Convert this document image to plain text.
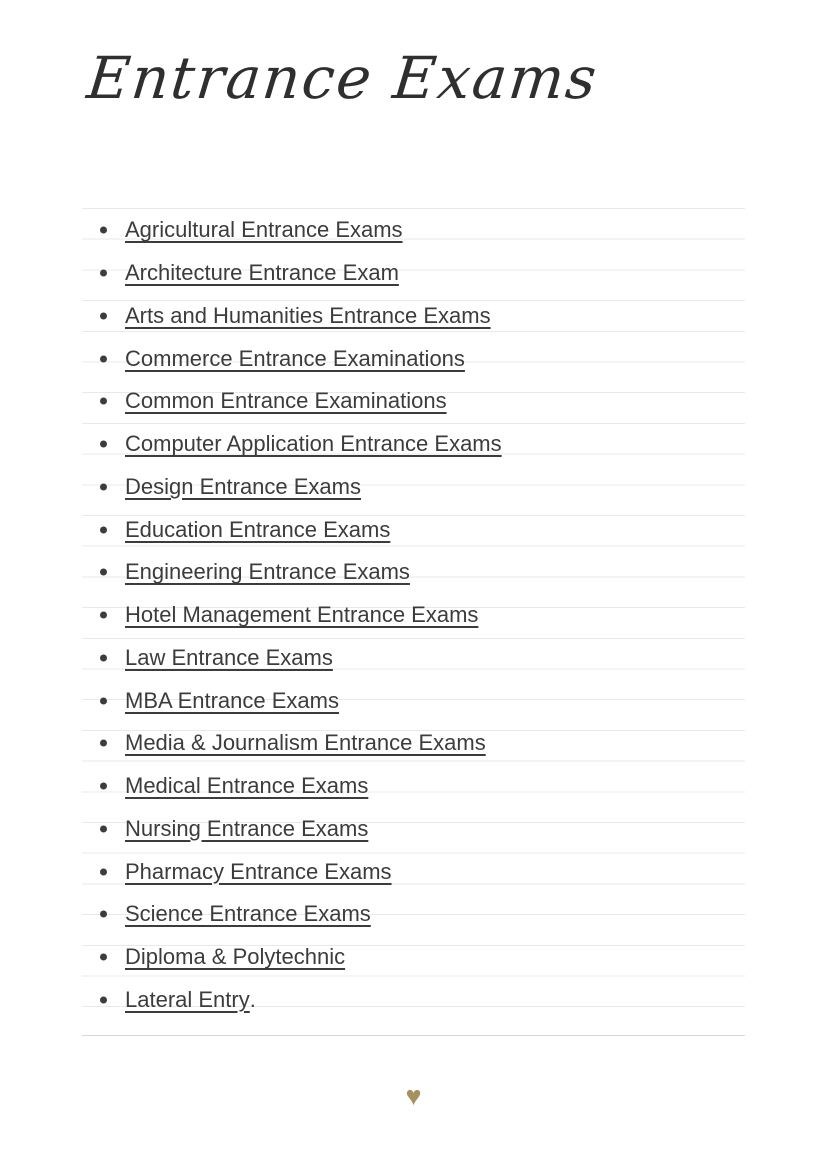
Entrance Exams
Agricultural Entrance Exams
Architecture Entrance Exam
Arts and Humanities Entrance Exams
Commerce Entrance Examinations
Common Entrance Examinations
Computer Application Entrance Exams
Design Entrance Exams
Education Entrance Exams
Engineering Entrance Exams
Hotel Management Entrance Exams
Law Entrance Exams
MBA Entrance Exams
Media & Journalism Entrance Exams
Medical Entrance Exams
Nursing Entrance Exams
Pharmacy Entrance Exams
Science Entrance Exams
Diploma & Polytechnic
Lateral Entry .
♥
